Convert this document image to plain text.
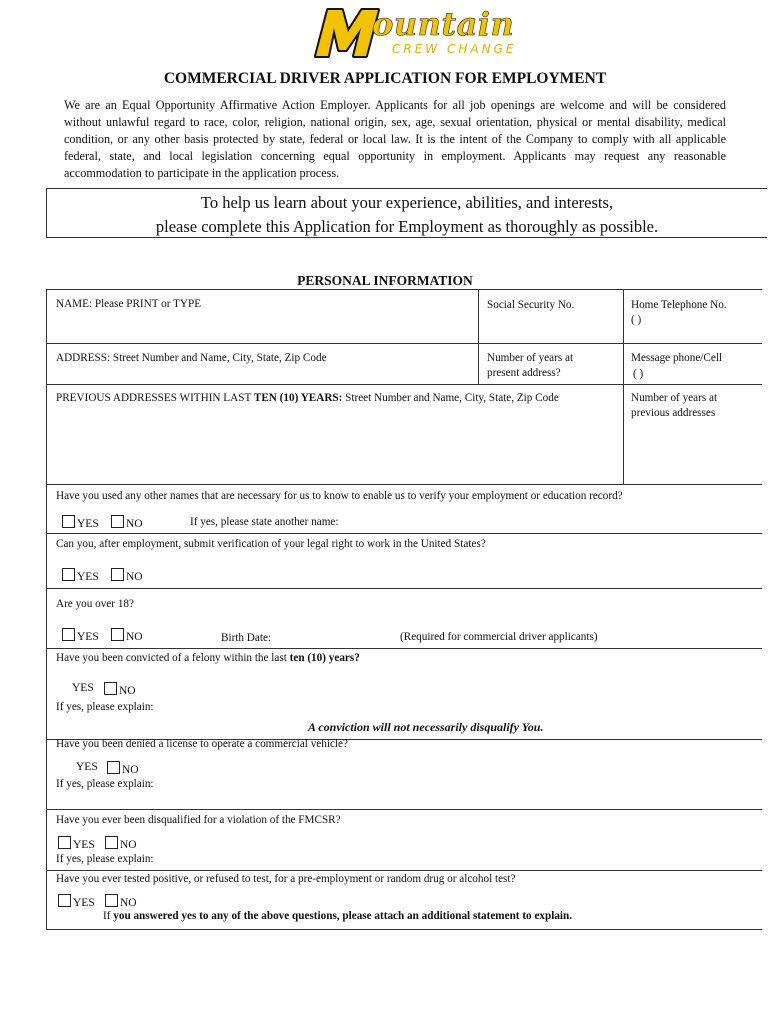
ountain
CREW CHANGE
COMMERCIAL DRIVER APPLICATION FOR EMPLOYMENT
We are an Equal Opportunity Affirmative Action Employer. Applicants for all job openings are welcome and will be considered without unlawful regard to race, color, religion, national origin, sex, age, sexual orientation, physical or mental disability, medical condition, or any other basis protected by state, federal or local law. It is the intent of the Company to comply with all applicable federal, state, and local legislation concerning equal opportunity in employment. Applicants may request any reasonable accommodation to participate in the application process.
To help us learn about your experience, abilities, and interests,
please complete this Application for Employment as thoroughly as possible.
PERSONAL INFORMATION
NAME: Please PRINT or TYPE	Social Security No.	Home Telephone No.
( )
ADDRESS: Street Number and Name, City, State, Zip Code	Number of years at present address?
Message phone/Cell
( )
PREVIOUS ADDRESSES WITHIN LAST TEN (10) YEARS: Street Number and Name, City, State, Zip Code	Number of years at previous addresses
Have you used any other names that are necessary for us to know to enable us to verify your employment or education record?
YES	NO	If yes, please state another name:
Can you, after employment, submit verification of your legal right to work in the United States?
YES	NO
Are you over 18?
YES	NO	Birth Date:	(Required for commercial driver applicants)
Have you been convicted of a felony within the last ten (10) years?
YES	NO
If yes, please explain:
A conviction will not necessarily disqualify You.
Have you been denied a license to operate a commercial vehicle?
YES	NO
If yes, please explain:
Have you ever been disqualified for a violation of the FMCSR?
YES	NO
If yes, please explain:
Have you ever tested positive, or refused to test, for a pre-employment or random drug or alcohol test?
YES	NO
If you answered yes to any of the above questions, please attach an additional statement to explain.
